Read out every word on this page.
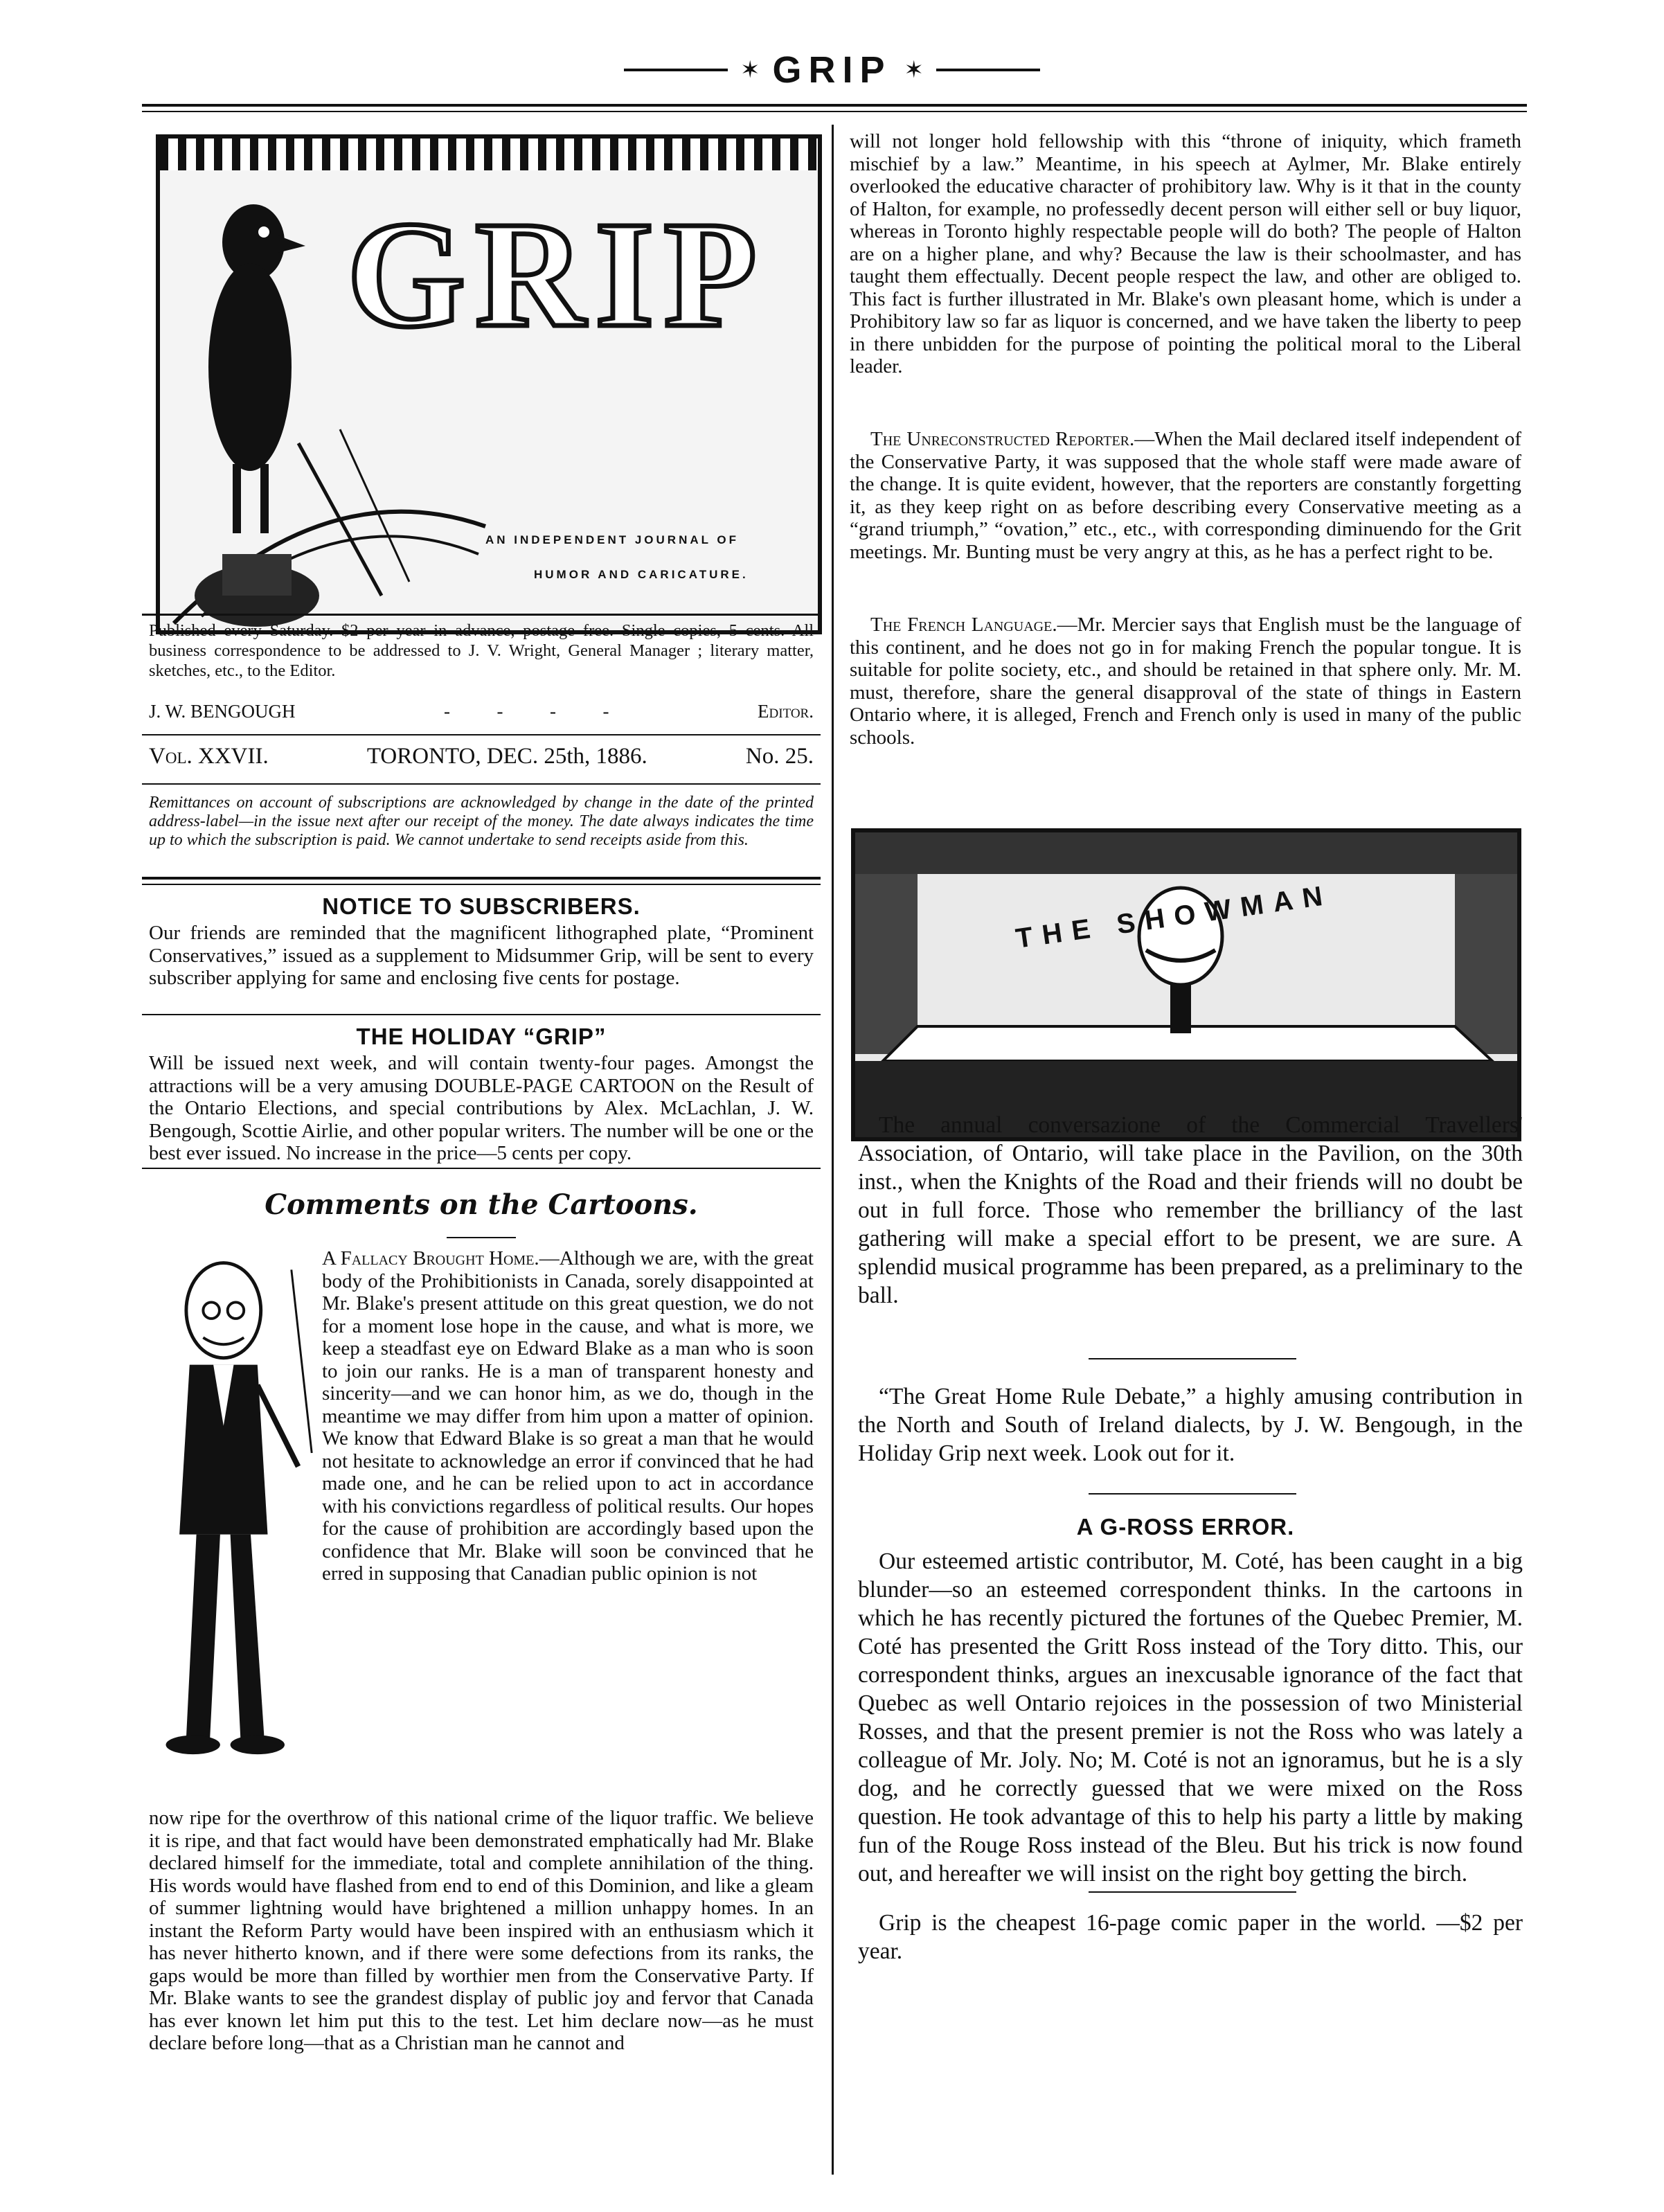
✶ GRIP ✶
GRIP
AN INDEPENDENT JOURNAL OF
HUMOR AND CARICATURE.

Published every Saturday. $2 per year in advance, postage free. Single copies, 5 cents. All business correspondence to be addressed to J. V. Wright, General Manager ; literary matter, sketches, etc., to the Editor.

J. W. BENGOUGH	-          -          -          -	Editor.
Vol. XXVII.	TORONTO, DEC. 25th, 1886.	No. 25.

Remittances on account of subscriptions are acknowledged by change in the date of the printed address-label—in the issue next after our receipt of the money. The date always indicates the time up to which the subscription is paid. We cannot undertake to send receipts aside from this.

NOTICE TO SUBSCRIBERS.

Our friends are reminded that the magnificent lithographed plate, “Prominent Conservatives,” issued as a supplement to Midsummer Grip, will be sent to every subscriber applying for same and enclosing five cents for postage.

THE HOLIDAY “GRIP”

Will be issued next week, and will contain twenty-four pages. Amongst the attractions will be a very amusing DOUBLE-PAGE CARTOON on the Result of the Ontario Elections, and special contributions by Alex. McLachlan, J. W. Bengough, Scottie Airlie, and other popular writers. The number will be one or the best ever issued. No increase in the price—5 cents per copy.

Comments on the Cartoons.

A Fallacy Brought Home.—Although we are, with the great body of the Prohibitionists in Canada, sorely disappointed at Mr. Blake's present attitude on this great question, we do not for a moment lose hope in the cause, and what is more, we keep a steadfast eye on Edward Blake as a man who is soon to join our ranks. He is a man of transparent honesty and sincerity—and we can honor him, as we do, though in the meantime we may differ from him upon a matter of opinion. We know that Edward Blake is so great a man that he would not hesitate to acknowledge an error if convinced that he had made one, and he can be relied upon to act in accordance with his convictions regardless of political results. Our hopes for the cause of prohibition are accordingly based upon the confidence that Mr. Blake will soon be convinced that he erred in supposing that Canadian public opinion is not

now ripe for the overthrow of this national crime of the liquor traffic. We believe it is ripe, and that fact would have been demonstrated emphatically had Mr. Blake declared himself for the immediate, total and complete annihilation of the thing. His words would have flashed from end to end of this Dominion, and like a gleam of summer lightning would have brightened a million unhappy homes. In an instant the Reform Party would have been inspired with an enthusiasm which it has never hitherto known, and if there were some defections from its ranks, the gaps would be more than filled by worthier men from the Conservative Party. If Mr. Blake wants to see the grandest display of public joy and fervor that Canada has ever known let him put this to the test. Let him declare now—as he must declare before long—that as a Christian man he cannot and

will not longer hold fellowship with this “throne of iniquity, which frameth mischief by a law.” Meantime, in his speech at Aylmer, Mr. Blake entirely overlooked the educative character of prohibitory law. Why is it that in the county of Halton, for example, no professedly decent person will either sell or buy liquor, whereas in Toronto highly respectable people will do both? The people of Halton are on a higher plane, and why? Because the law is their schoolmaster, and has taught them effectually. Decent people respect the law, and other are obliged to. This fact is further illustrated in Mr. Blake's own pleasant home, which is under a Prohibitory law so far as liquor is concerned, and we have taken the liberty to peep in there unbidden for the purpose of pointing the political moral to the Liberal leader.

The Unreconstructed Reporter.—When the Mail declared itself independent of the Conservative Party, it was supposed that the whole staff were made aware of the change. It is quite evident, however, that the reporters are constantly forgetting it, as they keep right on as before describing every Conservative meeting as a “grand triumph,” “ovation,” etc., etc., with corresponding diminuendo for the Grit meetings. Mr. Bunting must be very angry at this, as he has a perfect right to be.

The French Language.—Mr. Mercier says that English must be the language of this continent, and he does not go in for making French the popular tongue. It is suitable for polite society, etc., and should be retained in that sphere only. Mr. M. must, therefore, share the general disapproval of the state of things in Eastern Ontario where, it is alleged, French and French only is used in many of the public schools.

THE SHOWMAN

The annual conversazione of the Commercial Travellers' Association, of Ontario, will take place in the Pavilion, on the 30th inst., when the Knights of the Road and their friends will no doubt be out in full force. Those who remember the brilliancy of the last gathering will make a special effort to be present, we are sure. A splendid musical programme has been prepared, as a preliminary to the ball.

“The Great Home Rule Debate,” a highly amusing contribution in the North and South of Ireland dialects, by J. W. Bengough, in the Holiday Grip next week. Look out for it.

A G-ROSS ERROR.

Our esteemed artistic contributor, M. Coté, has been caught in a big blunder—so an esteemed correspondent thinks. In the cartoons in which he has recently pictured the fortunes of the Quebec Premier, M. Coté has presented the Gritt Ross instead of the Tory ditto. This, our correspondent thinks, argues an inexcusable ignorance of the fact that Quebec as well Ontario rejoices in the possession of two Ministerial Rosses, and that the present premier is not the Ross who was lately a colleague of Mr. Joly. No; M. Coté is not an ignoramus, but he is a sly dog, and he correctly guessed that we were mixed on the Ross question. He took advantage of this to help his party a little by making fun of the Rouge Ross instead of the Bleu. But his trick is now found out, and hereafter we will insist on the right boy getting the birch.

Grip is the cheapest 16-page comic paper in the world. —$2 per year.
